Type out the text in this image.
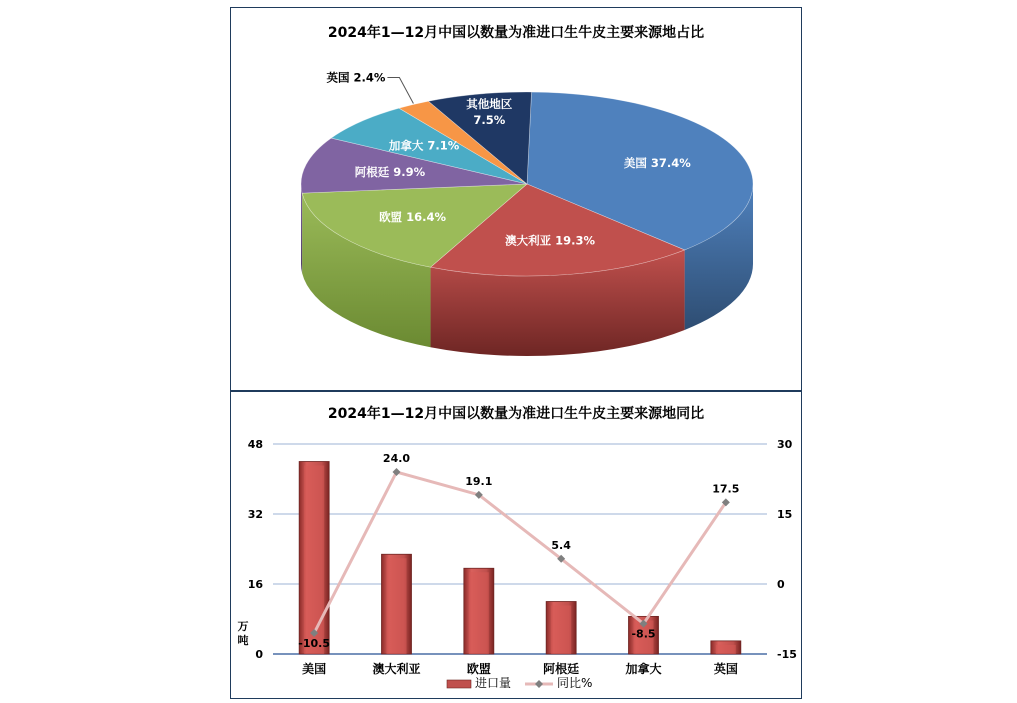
2024年1—12月中国以数量为准进口生牛皮主要来源地占比
美国 37.4%
澳大利亚 19.3%
欧盟 16.4%
阿根廷 9.9%
加拿大 7.1%
英国 2.4%
其他地区
7.5%
2024年1—12月中国以数量为准进口生牛皮主要来源地同比
0
16
32
48
-15
0
15
30
万
吨	-10.5
24.0
19.1
5.4
-8.5
17.5
美国	澳大利亚	欧盟	阿根廷	加拿大	英国
进口量	同比%
